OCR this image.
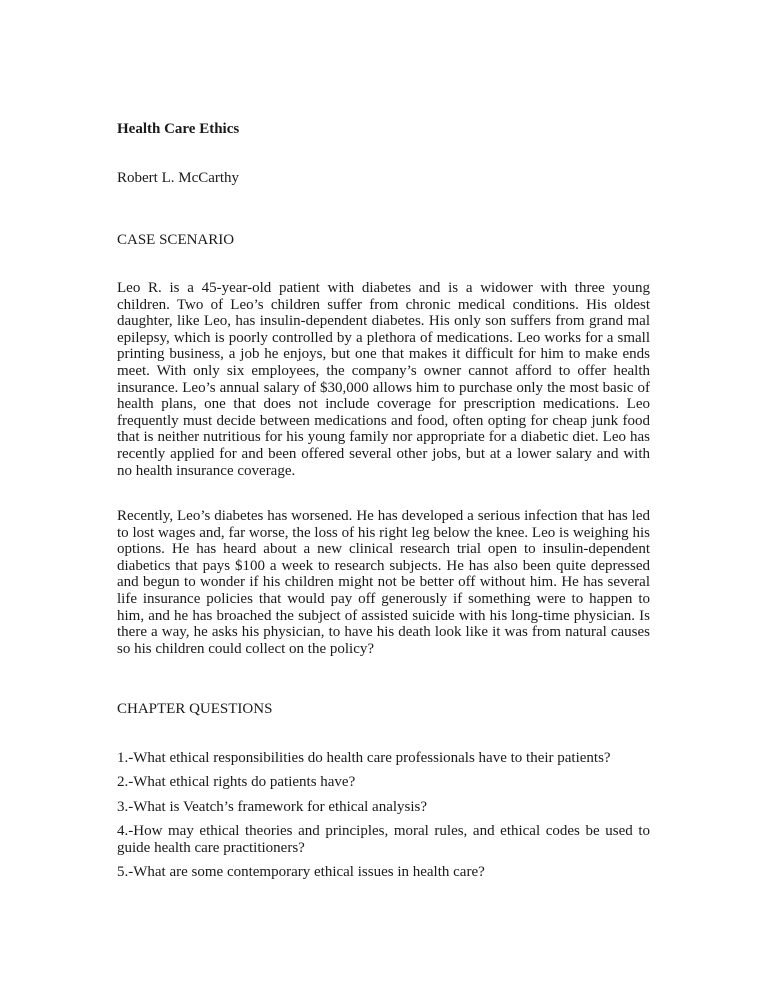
Health Care Ethics

Robert L. McCarthy

CASE SCENARIO

Leo R. is a 45-year-old patient with diabetes and is a widower with three young children. Two of Leo’s children suffer from chronic medical conditions. His oldest daughter, like Leo, has insulin-dependent diabetes. His only son suffers from grand mal epilepsy, which is poorly controlled by a plethora of medications. Leo works for a small printing business, a job he enjoys, but one that makes it difficult for him to make ends meet. With only six employees, the company’s owner cannot afford to offer health insurance. Leo’s annual salary of $30,000 allows him to purchase only the most basic of health plans, one that does not include coverage for prescription medications. Leo frequently must decide between medications and food, often opting for cheap junk food that is neither nutritious for his young family nor appropriate for a diabetic diet. Leo has recently applied for and been offered several other jobs, but at a lower salary and with no health insurance coverage.

Recently, Leo’s diabetes has worsened. He has developed a serious infection that has led to lost wages and, far worse, the loss of his right leg below the knee. Leo is weighing his options. He has heard about a new clinical research trial open to insulin-dependent diabetics that pays $100 a week to research subjects. He has also been quite depressed and begun to wonder if his children might not be better off without him. He has several life insurance policies that would pay off generously if something were to happen to him, and he has broached the subject of assisted suicide with his long-time physician. Is there a way, he asks his physician, to have his death look like it was from natural causes so his children could collect on the policy?

CHAPTER QUESTIONS
1.-What ethical responsibilities do health care professionals have to their patients?
2.-What ethical rights do patients have?
3.-What is Veatch’s framework for ethical analysis?
4.-How may ethical theories and principles, moral rules, and ethical codes be used to guide health care practitioners?
5.-What are some contemporary ethical issues in health care?
